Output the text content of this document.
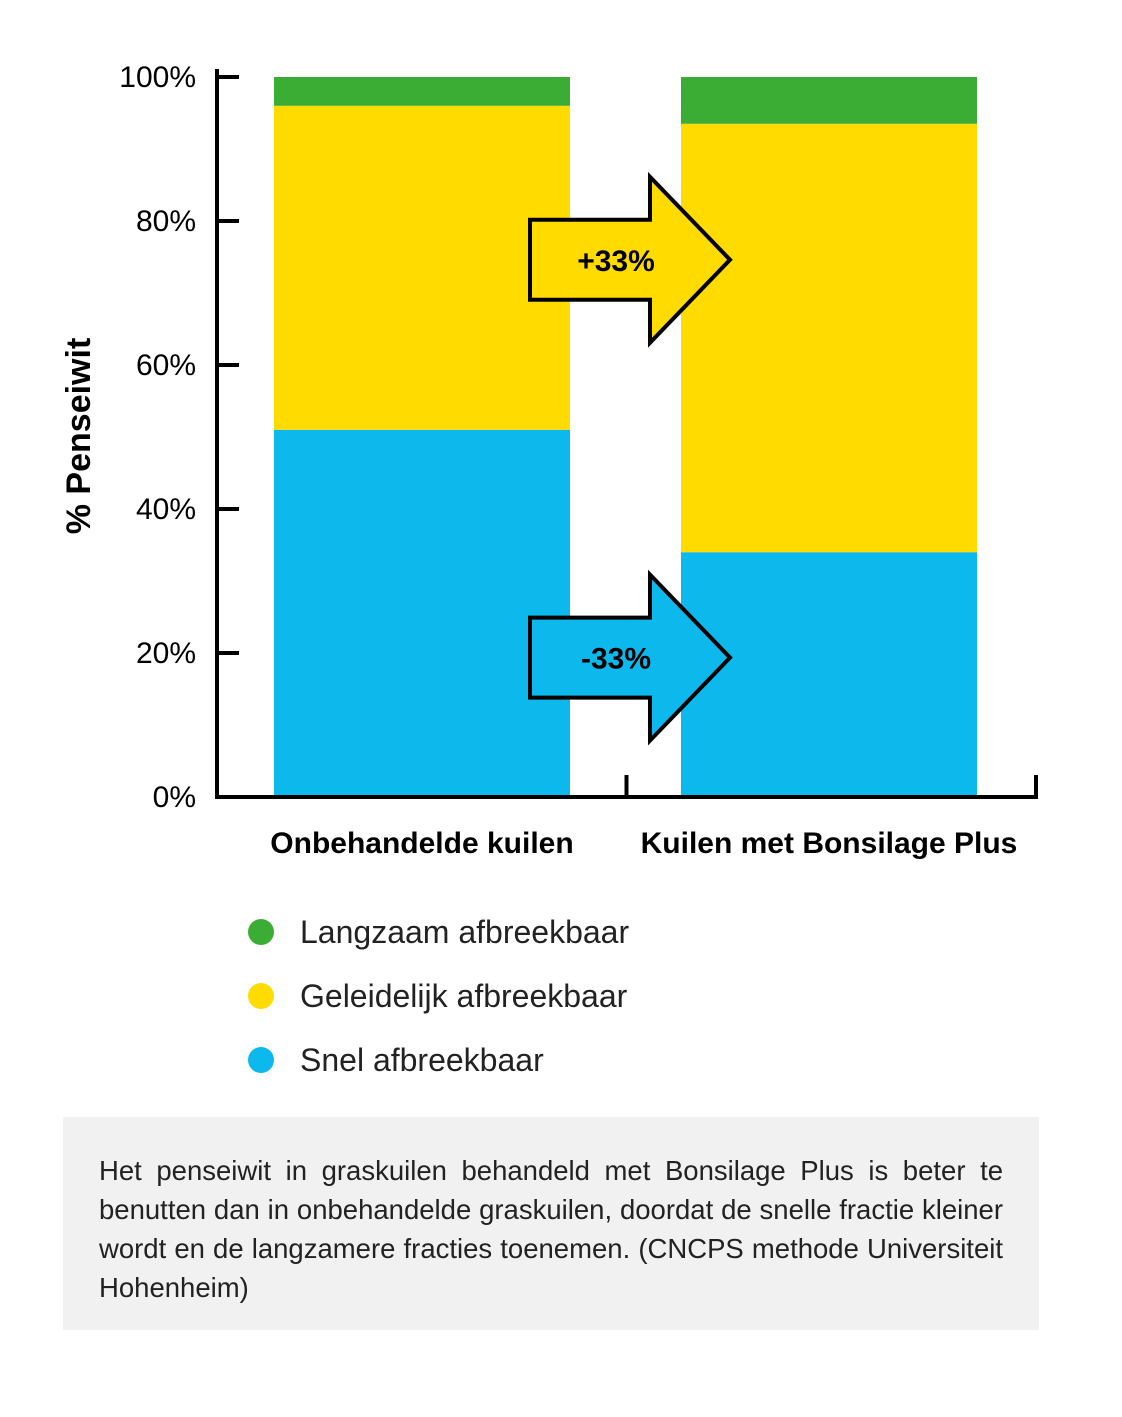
+33%
-33%
Onbehandelde kuilen Kuilen met Bonsilage Plus
0%
20%
40%
60%
80%
100%
% Penseiwit
Langzaam afbreekbaar
Geleidelijk afbreekbaar
Snel afbreekbaar

Het penseiwit in graskuilen behandeld met Bonsilage Plus is beter te benutten dan in onbehandelde graskuilen, doordat de snelle fractie kleiner wordt en de langzamere fracties toenemen. (CNCPS methode Universiteit Hohenheim)
